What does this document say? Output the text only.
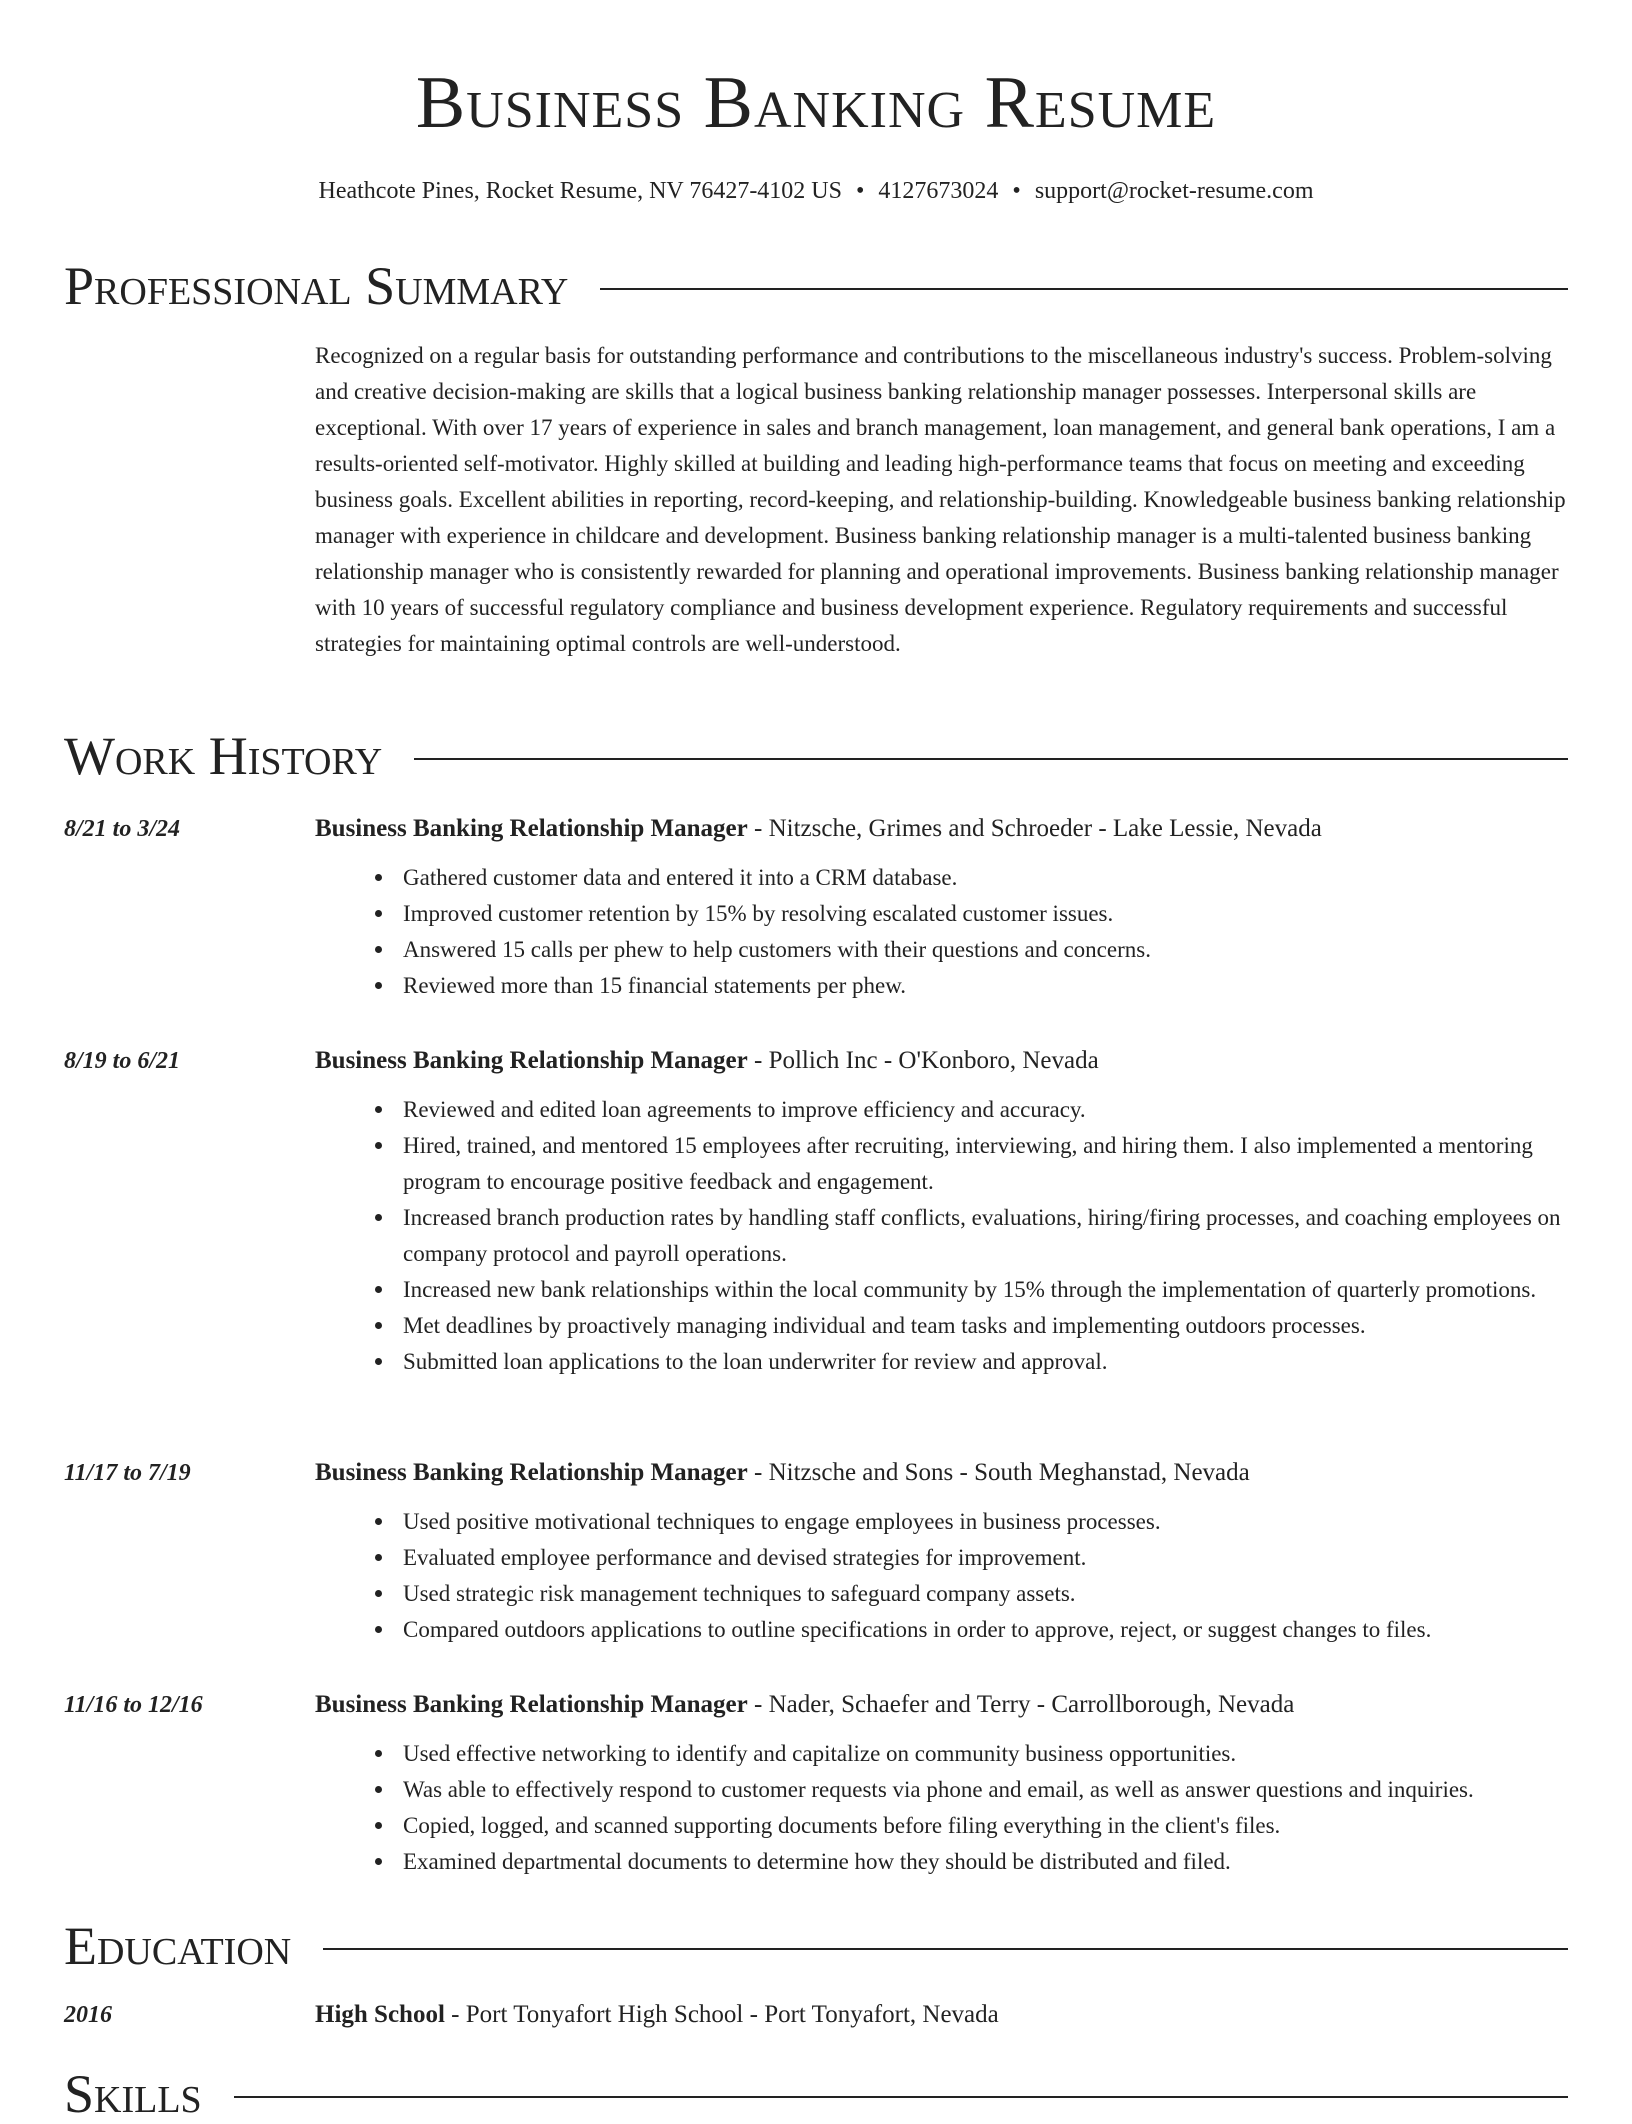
Business Banking Resume
Heathcote Pines, Rocket Resume, NV 76427-4102 US • 4127673024 • support@rocket-resume.com
Professional Summary

Recognized on a regular basis for outstanding performance and contributions to the miscellaneous industry's success. Problem-solving and creative decision-making are skills that a logical business banking relationship manager possesses. Interpersonal skills are exceptional. With over 17 years of experience in sales and branch management, loan management, and general bank operations, I am a results-oriented self-motivator. Highly skilled at building and leading high-performance teams that focus on meeting and exceeding business goals. Excellent abilities in reporting, record-keeping, and relationship-building. Knowledgeable business banking relationship manager with experience in childcare and development. Business banking relationship manager is a multi-talented business banking relationship manager who is consistently rewarded for planning and operational improvements. Business banking relationship manager with 10 years of successful regulatory compliance and business development experience. Regulatory requirements and successful strategies for maintaining optimal controls are well-understood.

Work History
8/21 to 3/24	Business Banking Relationship Manager - Nitzsche, Grimes and Schroeder - Lake Lessie, Nevada
Gathered customer data and entered it into a CRM database.
Improved customer retention by 15% by resolving escalated customer issues.
Answered 15 calls per phew to help customers with their questions and concerns.
Reviewed more than 15 financial statements per phew.
8/19 to 6/21	Business Banking Relationship Manager - Pollich Inc - O'Konboro, Nevada
Reviewed and edited loan agreements to improve efficiency and accuracy.
Hired, trained, and mentored 15 employees after recruiting, interviewing, and hiring them. I also implemented a mentoring program to encourage positive feedback and engagement.
Increased branch production rates by handling staff conflicts, evaluations, hiring/firing processes, and coaching employees on company protocol and payroll operations.
Increased new bank relationships within the local community by 15% through the implementation of quarterly promotions.
Met deadlines by proactively managing individual and team tasks and implementing outdoors processes.
Submitted loan applications to the loan underwriter for review and approval.
11/17 to 7/19	Business Banking Relationship Manager - Nitzsche and Sons - South Meghanstad, Nevada
Used positive motivational techniques to engage employees in business processes.
Evaluated employee performance and devised strategies for improvement.
Used strategic risk management techniques to safeguard company assets.
Compared outdoors applications to outline specifications in order to approve, reject, or suggest changes to files.
11/16 to 12/16	Business Banking Relationship Manager - Nader, Schaefer and Terry - Carrollborough, Nevada
Used effective networking to identify and capitalize on community business opportunities.
Was able to effectively respond to customer requests via phone and email, as well as answer questions and inquiries.
Copied, logged, and scanned supporting documents before filing everything in the client's files.
Examined departmental documents to determine how they should be distributed and filed.
Education
2016	High School - Port Tonyafort High School - Port Tonyafort, Nevada
Skills
